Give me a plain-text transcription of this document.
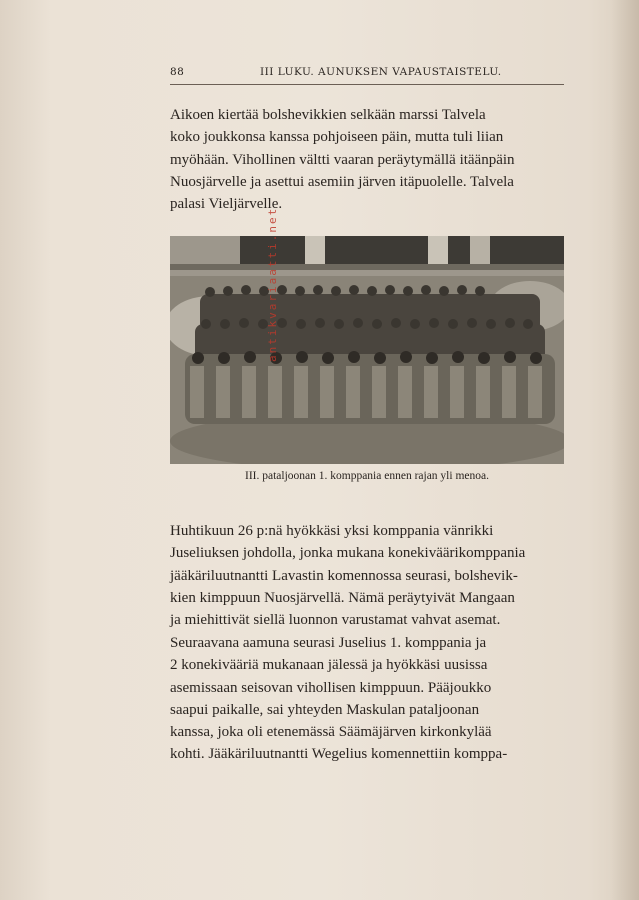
88	III LUKU. AUNUKSEN VAPAUSTAISTELU.

Aikoen kiertää bolshevikkien selkään marssi Talvela
koko joukkonsa kanssa pohjoiseen päin, mutta tuli liian
myöhään. Vihollinen vältti vaaran peräytymällä itäänpäin
Nuosjärvelle ja asettui asemiin järven itäpuolelle. Talvela
palasi Vieljärvelle.

III. pataljoonan 1. komppania ennen rajan yli menoa.

Huhtikuun 26 p:nä hyökkäsi yksi komppania vänrikki
Juseliuksen johdolla, jonka mukana konekiväärikomppania
jääkäriluutnantti Lavastin komennossa seurasi, bolshevik-
kien kimppuun Nuosjärvellä. Nämä peräytyivät Mangaan
ja miehittivät siellä luonnon varustamat vahvat asemat.

Seuraavana aamuna seurasi Juselius 1. komppania ja
2 konekivääriä mukanaan jälessä ja hyökkäsi uusissa
asemissaan seisovan vihollisen kimppuun. Pääjoukko
saapui paikalle, sai yhteyden Maskulan pataljoonan
kanssa, joka oli etenemässä Säämäjärven kirkonkylää
kohti. Jääkäriluutnantti Wegelius komennettiin komppa-

antikvariaatti.net
